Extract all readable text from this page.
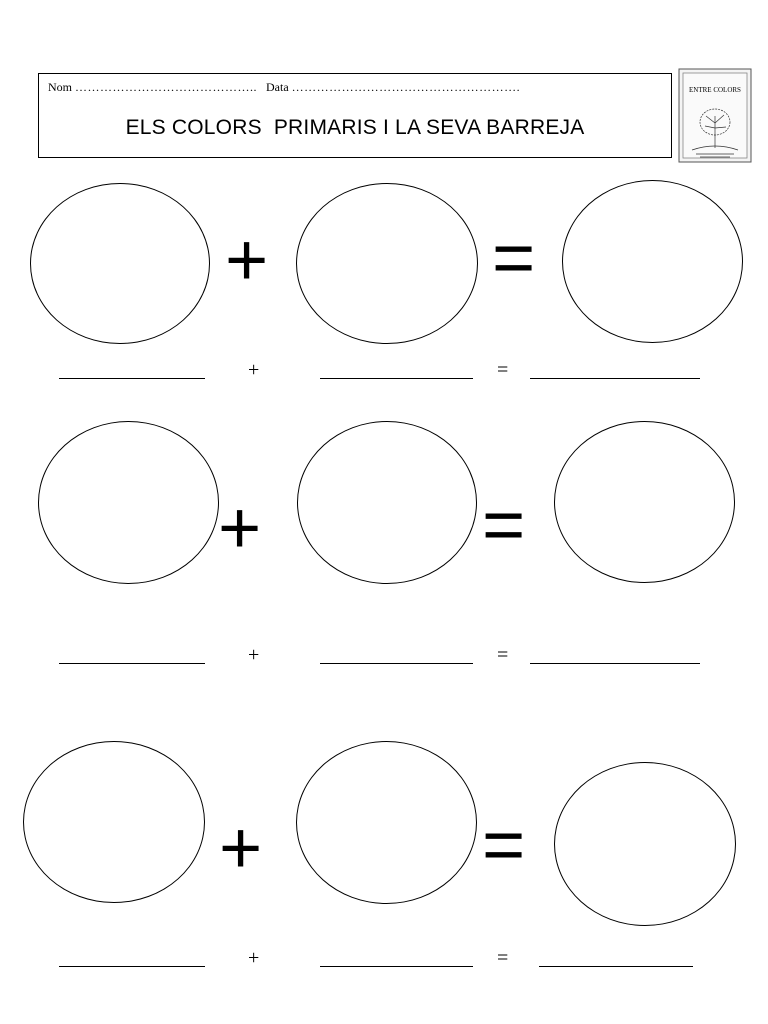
Nom …………………………………….. Data ……………………………………………….
ELS COLORS  PRIMARIS I LA SEVA BARREJA
ENTRE COLORS
+	=
+	=
+	=
+	=
+	=
+	=
